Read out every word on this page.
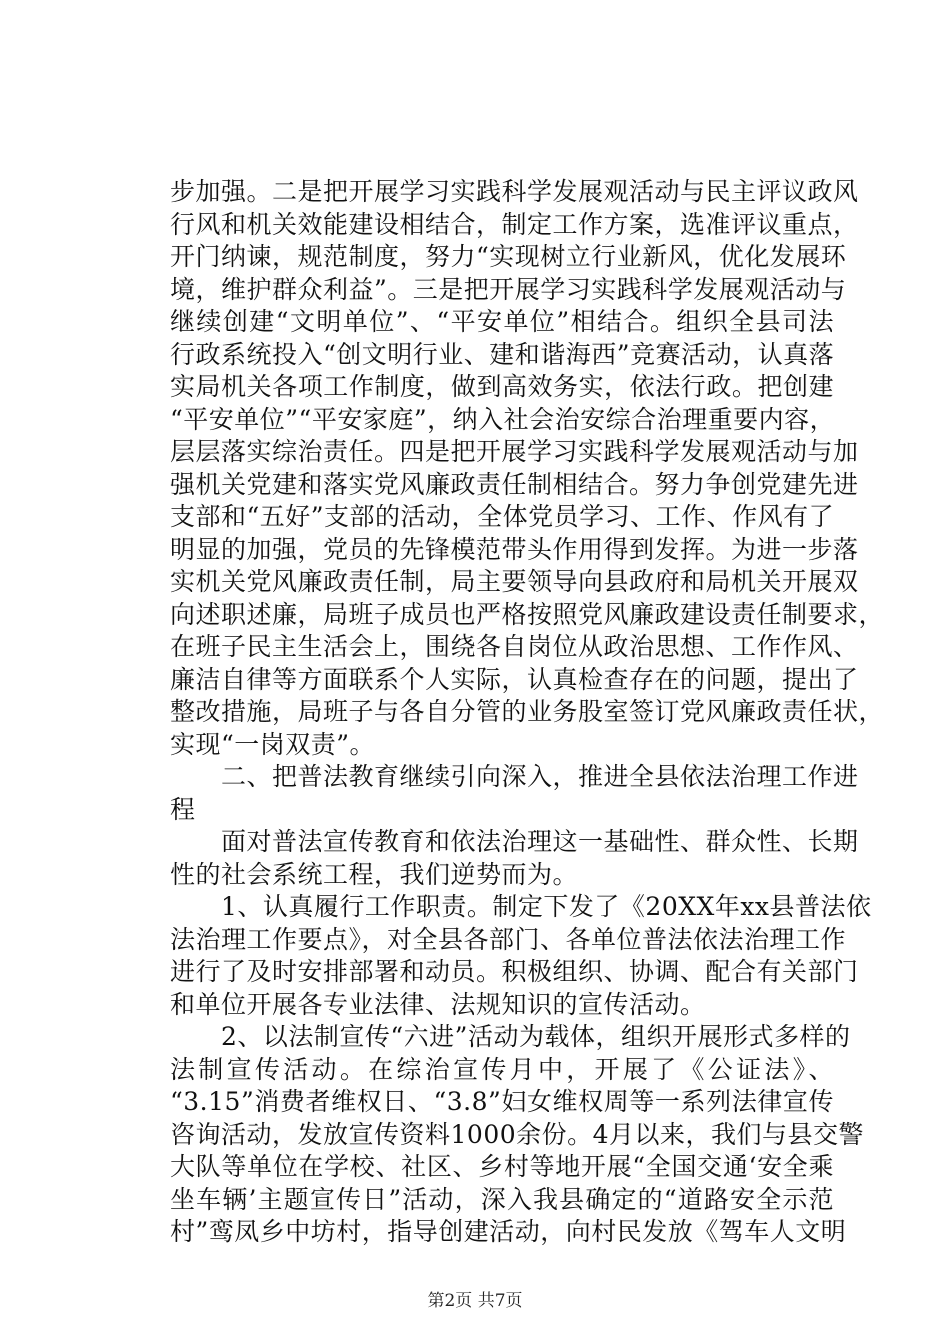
步加强。二是把开展学习实践科学发展观活动与民主评议政风
行风和机关效能建设相结合，制定工作方案，选准评议重点，
开门纳谏，规范制度，努力“实现树立行业新风，优化发展环
境，维护群众利益”。三是把开展学习实践科学发展观活动与
继续创建“文明单位”、“平安单位”相结合。组织全县司法
行政系统投入“创文明行业、建和谐海西”竞赛活动，认真落
实局机关各项工作制度，做到高效务实，依法行政。把创建
“平安单位”“平安家庭”，纳入社会治安综合治理重要内容，
层层落实综治责任。四是把开展学习实践科学发展观活动与加
强机关党建和落实党风廉政责任制相结合。努力争创党建先进
支部和“五好”支部的活动，全体党员学习、工作、作风有了
明显的加强，党员的先锋模范带头作用得到发挥。为进一步落
实机关党风廉政责任制，局主要领导向县政府和局机关开展双
向述职述廉，局班子成员也严格按照党风廉政建设责任制要求，
在班子民主生活会上，围绕各自岗位从政治思想、工作作风、
廉洁自律等方面联系个人实际，认真检查存在的问题，提出了
整改措施，局班子与各自分管的业务股室签订党风廉政责任状，
实现“一岗双责”。

　　二、把普法教育继续引向深入，推进全县依法治理工作进
程

　　面对普法宣传教育和依法治理这一基础性、群众性、长期
性的社会系统工程，我们逆势而为。

　　1、认真履行工作职责。制定下发了《20XX年xx县普法依
法治理工作要点》，对全县各部门、各单位普法依法治理工作
进行了及时安排部署和动员。积极组织、协调、配合有关部门
和单位开展各专业法律、法规知识的宣传活动。

　　2、以法制宣传“六进”活动为载体，组织开展形式多样的
法制宣传活动。在综治宣传月中，开展了《公证法》、
“3.15”消费者维权日、“3.8”妇女维权周等一系列法律宣传
咨询活动，发放宣传资料1000余份。4月以来，我们与县交警
大队等单位在学校、社区、乡村等地开展“全国交通‘安全乘
坐车辆’主题宣传日”活动，深入我县确定的“道路安全示范
村”鸾凤乡中坊村，指导创建活动，向村民发放《驾车人文明

第2页 共7页
